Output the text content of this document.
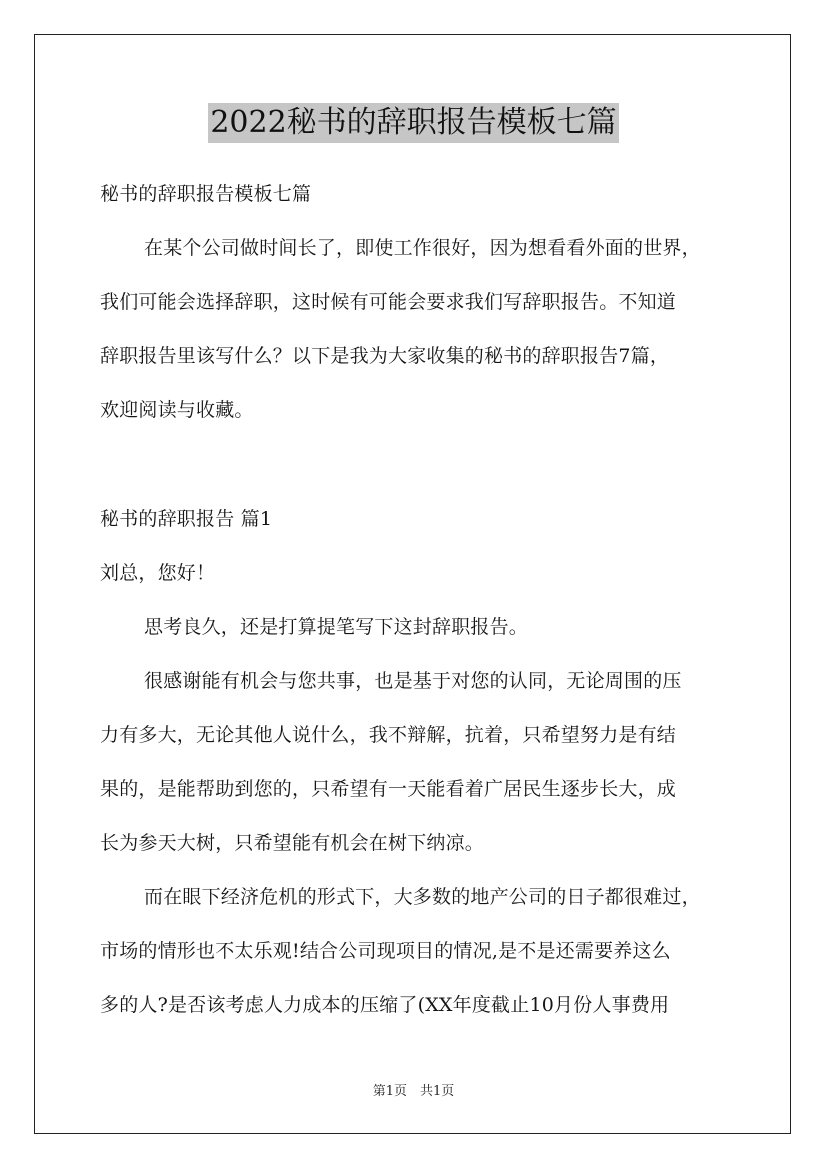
2022秘书的辞职报告模板七篇
秘书的辞职报告模板七篇
在某个公司做时间长了，即使工作很好，因为想看看外面的世界，
我们可能会选择辞职，这时候有可能会要求我们写辞职报告。不知道
辞职报告里该写什么？以下是我为大家收集的秘书的辞职报告7篇，
欢迎阅读与收藏。
秘书的辞职报告 篇1
刘总，您好！
思考良久，还是打算提笔写下这封辞职报告。
很感谢能有机会与您共事，也是基于对您的认同，无论周围的压
力有多大，无论其他人说什么，我不辩解，抗着，只希望努力是有结
果的，是能帮助到您的，只希望有一天能看着广居民生逐步长大，成
长为参天大树，只希望能有机会在树下纳凉。
而在眼下经济危机的形式下，大多数的地产公司的日子都很难过，
市场的情形也不太乐观!结合公司现项目的情况,是不是还需要养这么
多的人?是否该考虑人力成本的压缩了(XX年度截止10月份人事费用
第1页　共1页
